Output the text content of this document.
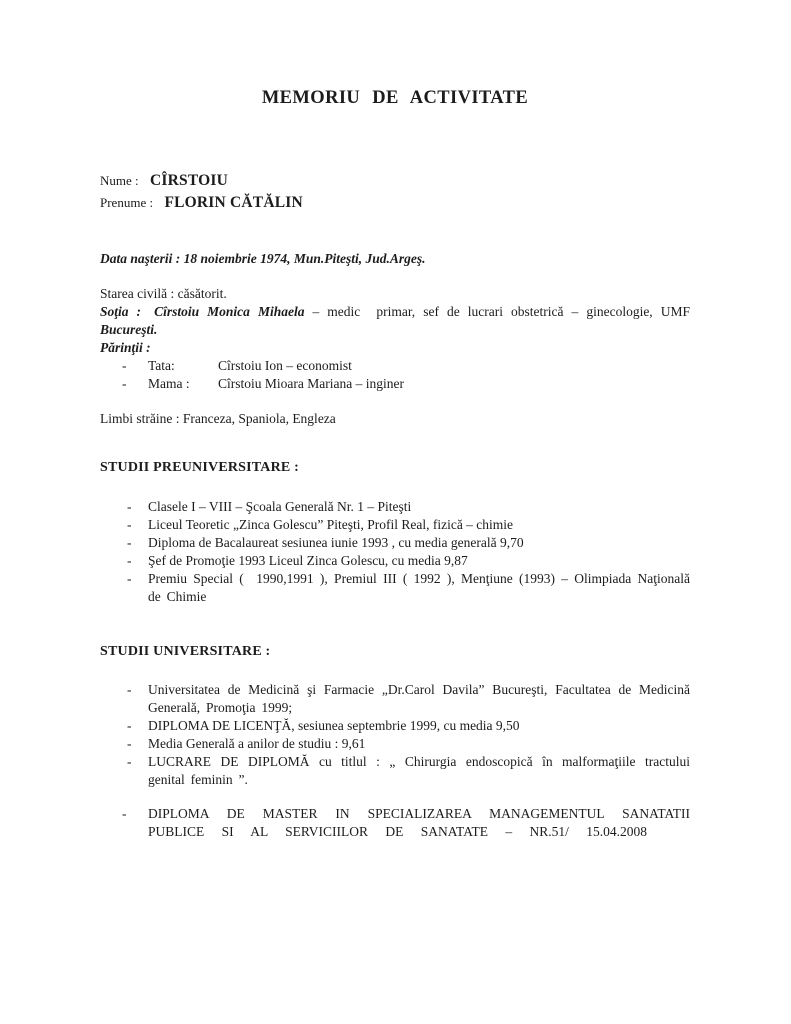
MEMORIU DE ACTIVITATE
Nume : CÎRSTOIU
Prenume : FLORIN CĂTĂLIN

Data naşterii : 18 noiembrie 1974, Mun.Piteşti, Jud.Argeş.

Starea civilă : căsătorit.

Soţia : Cîrstoiu Monica Mihaela – medic  primar, sef de lucrari obstetrică – ginecologie, UMF Bucureşti.

Părinţii :

-	Tata:	Cîrstoiu Ion – economist
-	Mama :	Cîrstoiu Mioara Mariana – inginer

Limbi străine : Franceza, Spaniola, Engleza

STUDII PREUNIVERSITARE :

-	Clasele I – VIII – Şcoala Generală Nr. 1 – Piteşti
-	Liceul Teoretic „Zinca Golescu” Piteşti, Profil Real, fizică – chimie
-	Diploma de Bacalaureat sesiunea iunie 1993 , cu media generală 9,70
-	Şef de Promoţie 1993 Liceul Zinca Golescu, cu media 9,87
-	Premiu Special (  1990,1991 ), Premiul III ( 1992 ), Menţiune (1993) – Olimpiada Naţională de Chimie

STUDII UNIVERSITARE :

-	Universitatea de Medicină şi Farmacie „Dr.Carol Davila” Bucureşti, Facultatea de Medicină Generală, Promoţia 1999;
-	DIPLOMA DE LICENŢĂ, sesiunea septembrie 1999, cu media 9,50
-	Media Generală a anilor de studiu : 9,61
-	LUCRARE DE DIPLOMĂ cu titlul : „ Chirurgia endoscopică în malformaţiile tractului genital feminin ”.
-	DIPLOMA DE MASTER IN SPECIALIZAREA MANAGEMENTUL SANATATII PUBLICE SI AL SERVICIILOR DE SANATATE – NR.51/ 15.04.2008
